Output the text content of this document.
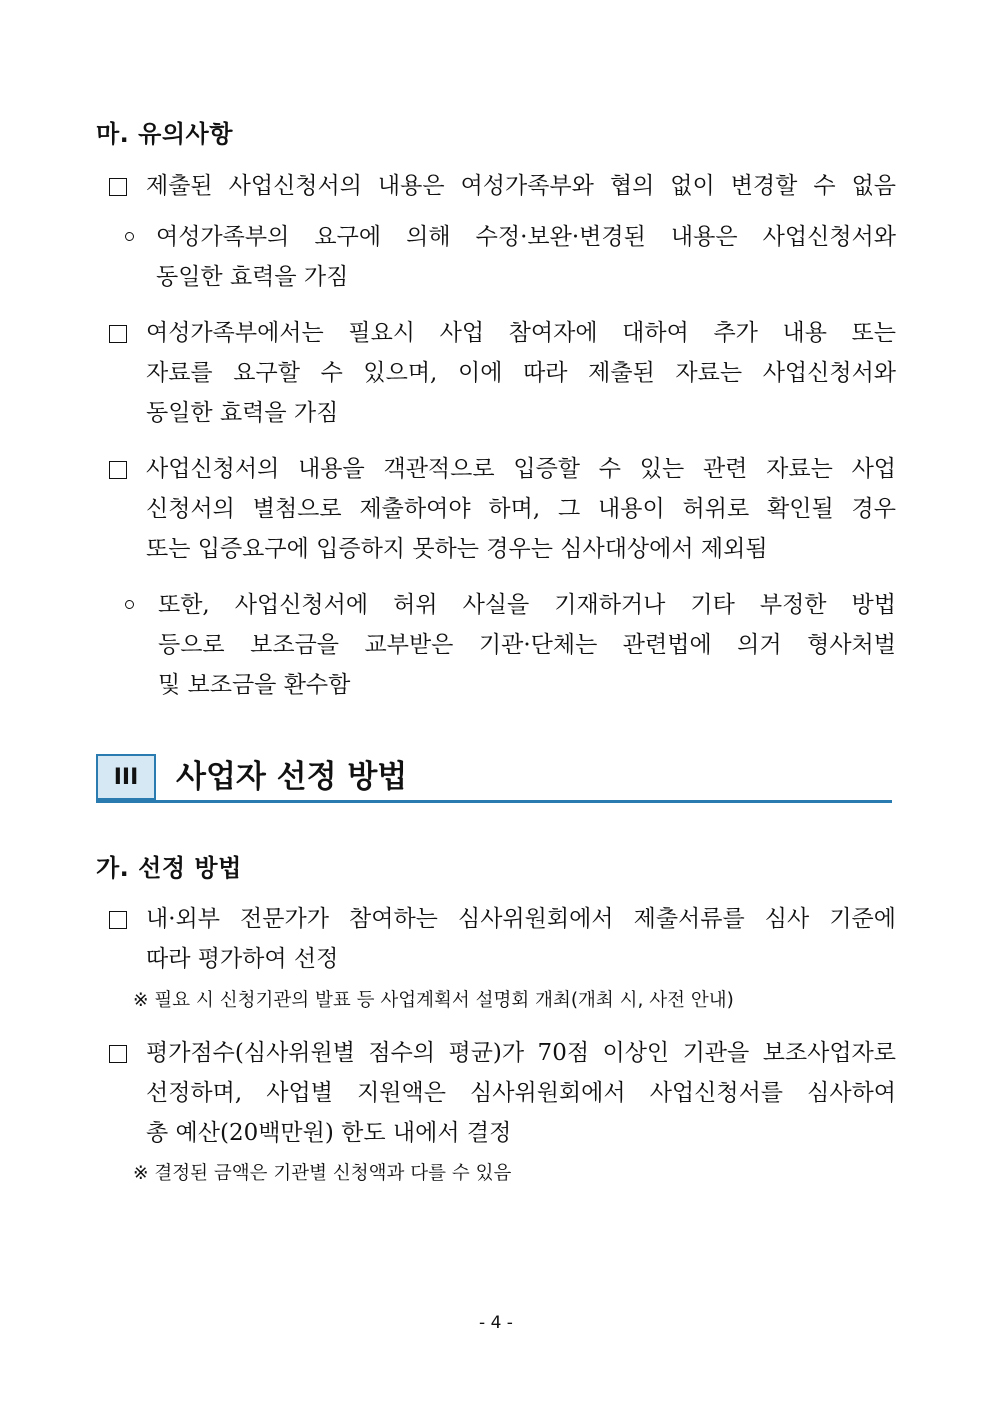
마. 유의사항
제출된 사업신청서의 내용은 여성가족부와 협의 없이 변경할 수 없음
여성가족부의 요구에 의해 수정·보완·변경된 내용은 사업신청서와
동일한 효력을 가짐
여성가족부에서는 필요시 사업 참여자에 대하여 추가 내용 또는
자료를 요구할 수 있으며, 이에 따라 제출된 자료는 사업신청서와
동일한 효력을 가짐
사업신청서의 내용을 객관적으로 입증할 수 있는 관련 자료는 사업
신청서의 별첨으로 제출하여야 하며, 그 내용이 허위로 확인될 경우
또는 입증요구에 입증하지 못하는 경우는 심사대상에서 제외됨
또한, 사업신청서에 허위 사실을 기재하거나 기타 부정한 방법
등으로 보조금을 교부받은 기관·단체는 관련법에 의거 형사처벌
및 보조금을 환수함
III	사업자 선정 방법
가. 선정 방법
내·외부 전문가가 참여하는 심사위원회에서 제출서류를 심사 기준에
따라 평가하여 선정
※ 필요 시 신청기관의 발표 등 사업계획서 설명회 개최(개최 시, 사전 안내)
평가점수(심사위원별 점수의 평균)가 70점 이상인 기관을 보조사업자로
선정하며, 사업별 지원액은 심사위원회에서 사업신청서를 심사하여
총 예산(20백만원) 한도 내에서 결정
※ 결정된 금액은 기관별 신청액과 다를 수 있음
- 4 -
